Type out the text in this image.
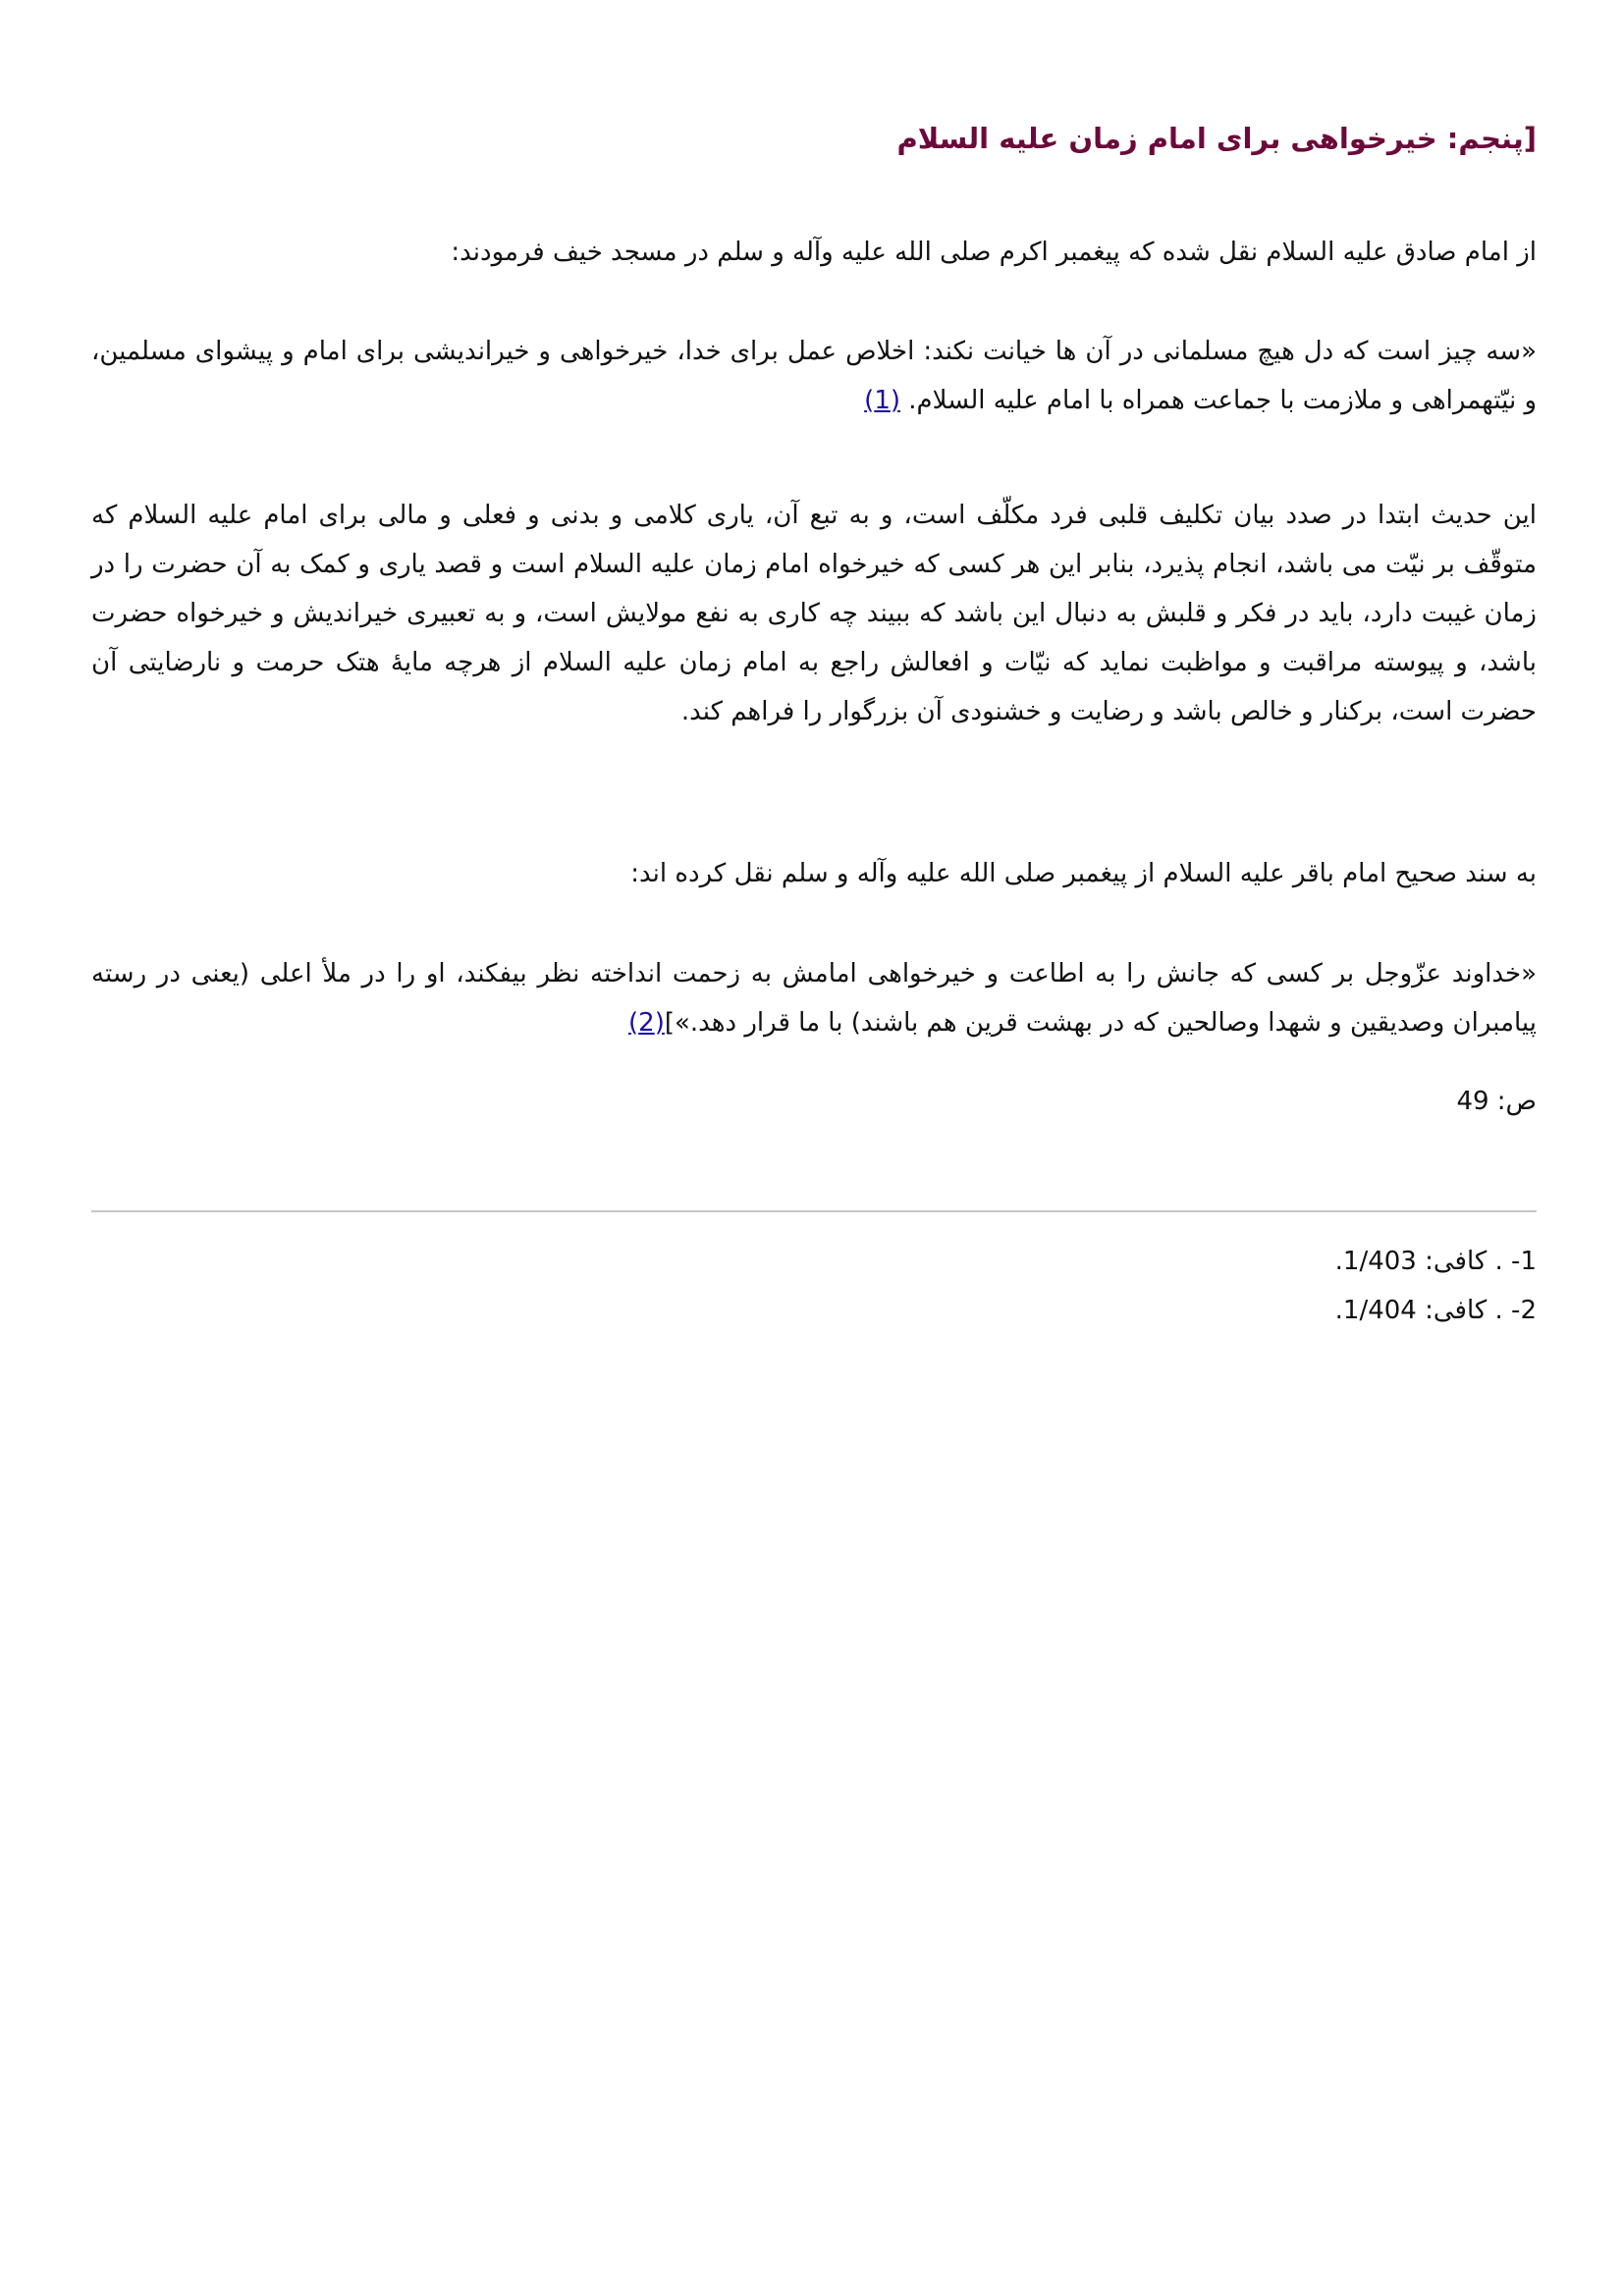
[پنجم: خیرخواهی برای امام زمان علیه السلام
از امام صادق علیه السلام نقل شده که پیغمبر اکرم صلی الله علیه وآله و سلم در مسجد خیف فرمودند:
«سه چیز است که دل هیچ مسلمانی در آن ها خیانت نکند: اخلاص عمل برای خدا، خیرخواهی و خیراندیشی برای امام و پیشوای مسلمین، و نیّتهمراهی و ملازمت با جماعت همراه با امام علیه السلام. (1)
این حدیث ابتدا در صدد بیان تکلیف قلبی فرد مکلّف است، و به تبع آن، یاری کلامی و بدنی و فعلی و مالی برای امام علیه السلام که متوقّف بر نیّت می باشد، انجام پذیرد، بنابر این هر کسی که خیرخواه امام زمان علیه السلام است و قصد یاری و کمک به آن حضرت را در زمان غیبت دارد، باید در فکر و قلبش به دنبال این باشد که ببیند چه کاری به نفع مولایش است، و به تعبیری خیراندیش و خیرخواه حضرت باشد، و پیوسته مراقبت و مواظبت نماید که نیّات و افعالش راجع به امام زمان علیه السلام از هرچه مایهٔ هتک حرمت و نارضایتی آن حضرت است، برکنار و خالص باشد و رضایت و خشنودی آن بزرگوار را فراهم کند.
به سند صحیح امام باقر علیه السلام از پیغمبر صلی الله علیه وآله و سلم نقل کرده اند:
«خداوند عزّوجل بر کسی که جانش را به اطاعت و خیرخواهی امامش به زحمت انداخته نظر بیفکند، او را در ملأ اعلی (یعنی در رسته پیامبران وصدیقین و شهدا وصالحین که در بهشت قرین هم باشند) با ما قرار دهد.»](2)
ص: 49
1- . کافی: 1/403.
2- . کافی: 1/404.
